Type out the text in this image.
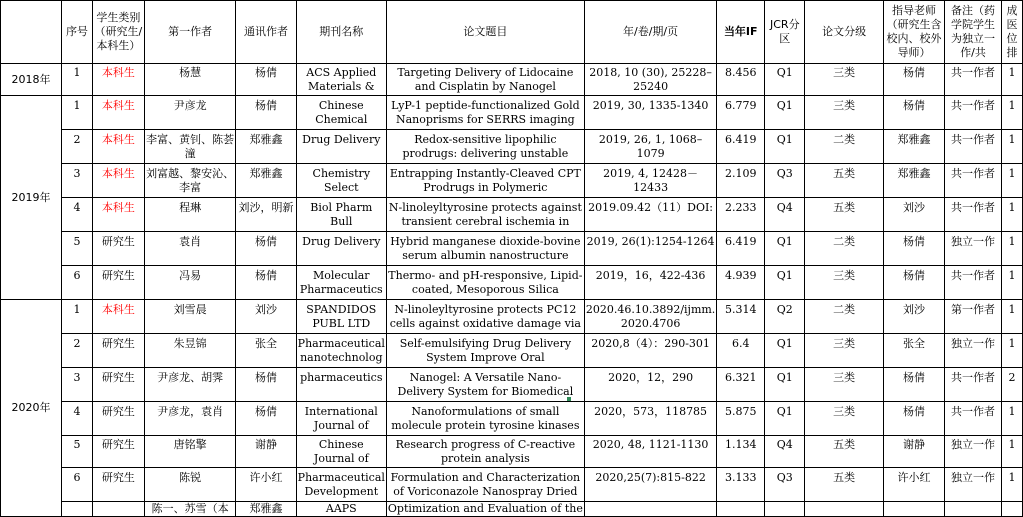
	序号	学生类别（研究生/本科生）	第一作者	通讯作者	期刊名称	论文题目	年/卷/期/页	当年IF	JCR分区	论文分级	指导老师（研究生含校内、校外导师）	备注（药学院学生为独立一作/共	成医位排
2018年	1	本科生	杨慧	杨倩	ACS Applied Materials &	Targeting Delivery of Lidocaine and Cisplatin by Nanogel	2018, 10 (30), 25228–25240	8.456	Q1	三类	杨倩	共一作者	1

2019年	1	本科生	尹彦龙	杨倩	Chinese Chemical	LyP-1 peptide-functionalized Gold Nanoprisms for SERRS imaging	2019, 30, 1335-1340	6.779	Q1	三类	杨倩	共一作者	1

	2	本科生	李富、黄钊、陈荟潼	郑雅鑫	Drug Delivery	Redox-sensitive lipophilic prodrugs: delivering unstable	2019, 26, 1, 1068–1079	6.419	Q1	二类	郑雅鑫	共一作者	1

	3	本科生	刘富越、黎安沁、李富	郑雅鑫	Chemistry Select	Entrapping Instantly-Cleaved CPT Prodrugs in Polymeric	2019, 4, 12428－12433	2.109	Q3	五类	郑雅鑫	共一作者	1

	4	本科生	程琳	刘沙，明新	Biol Pharm Bull	N-linoleyltyrosine protects against transient cerebral ischemia in	2019.09.42（11）DOI:	2.233	Q4	五类	刘沙	共一作者	1

	5	研究生	袁肖	杨倩	Drug Delivery	Hybrid manganese dioxide-bovine serum albumin nanostructure	2019, 26(1):1254-1264	6.419	Q1	二类	杨倩	独立一作	1

	6	研究生	冯易	杨倩	Molecular Pharmaceutics	Thermo- and pH-responsive, Lipid-coated, Mesoporous Silica	2019，16，422-436	4.939	Q1	三类	杨倩	共一作者	1

2020年	1	本科生	刘雪晨	刘沙	SPANDIDOS PUBL LTD	N-linoleyltyrosine protects PC12 cells against oxidative damage via	2020.46.10.3892/ijmm. 2020.4706	5.314	Q2	二类	刘沙	第一作者	1

	2	研究生	朱昱锦	张全	Pharmaceutical nanotechnolog	Self-emulsifying Drug Delivery System Improve Oral	2020,8（4）：290-301	6.4	Q1	三类	张全	独立一作	1

	3	研究生	尹彦龙、胡霁	杨倩	pharmaceutics	Nanogel: A Versatile Nano-Delivery System for Biomedical	2020，12，290	6.321	Q1	三类	杨倩	共一作者	2

	4	研究生	尹彦龙，袁肖	杨倩	International Journal of	Nanoformulations of small molecule protein tyrosine kinases	2020，573，118785	5.875	Q1	三类	杨倩	共一作者	1

	5	研究生	唐铭擎	谢静	Chinese Journal of	Research progress of C-reactive protein analysis	2020, 48, 1121-1130	1.134	Q4	五类	谢静	独立一作	1

	6	研究生	陈锐	许小红	Pharmaceutical Development	Formulation and Characterization of Voriconazole Nanospray Dried	2020,25(7):815-822	3.133	Q3	五类	许小红	独立一作	1

			陈一、苏雪（本	郑雅鑫	AAPS	Optimization and Evaluation of the							
